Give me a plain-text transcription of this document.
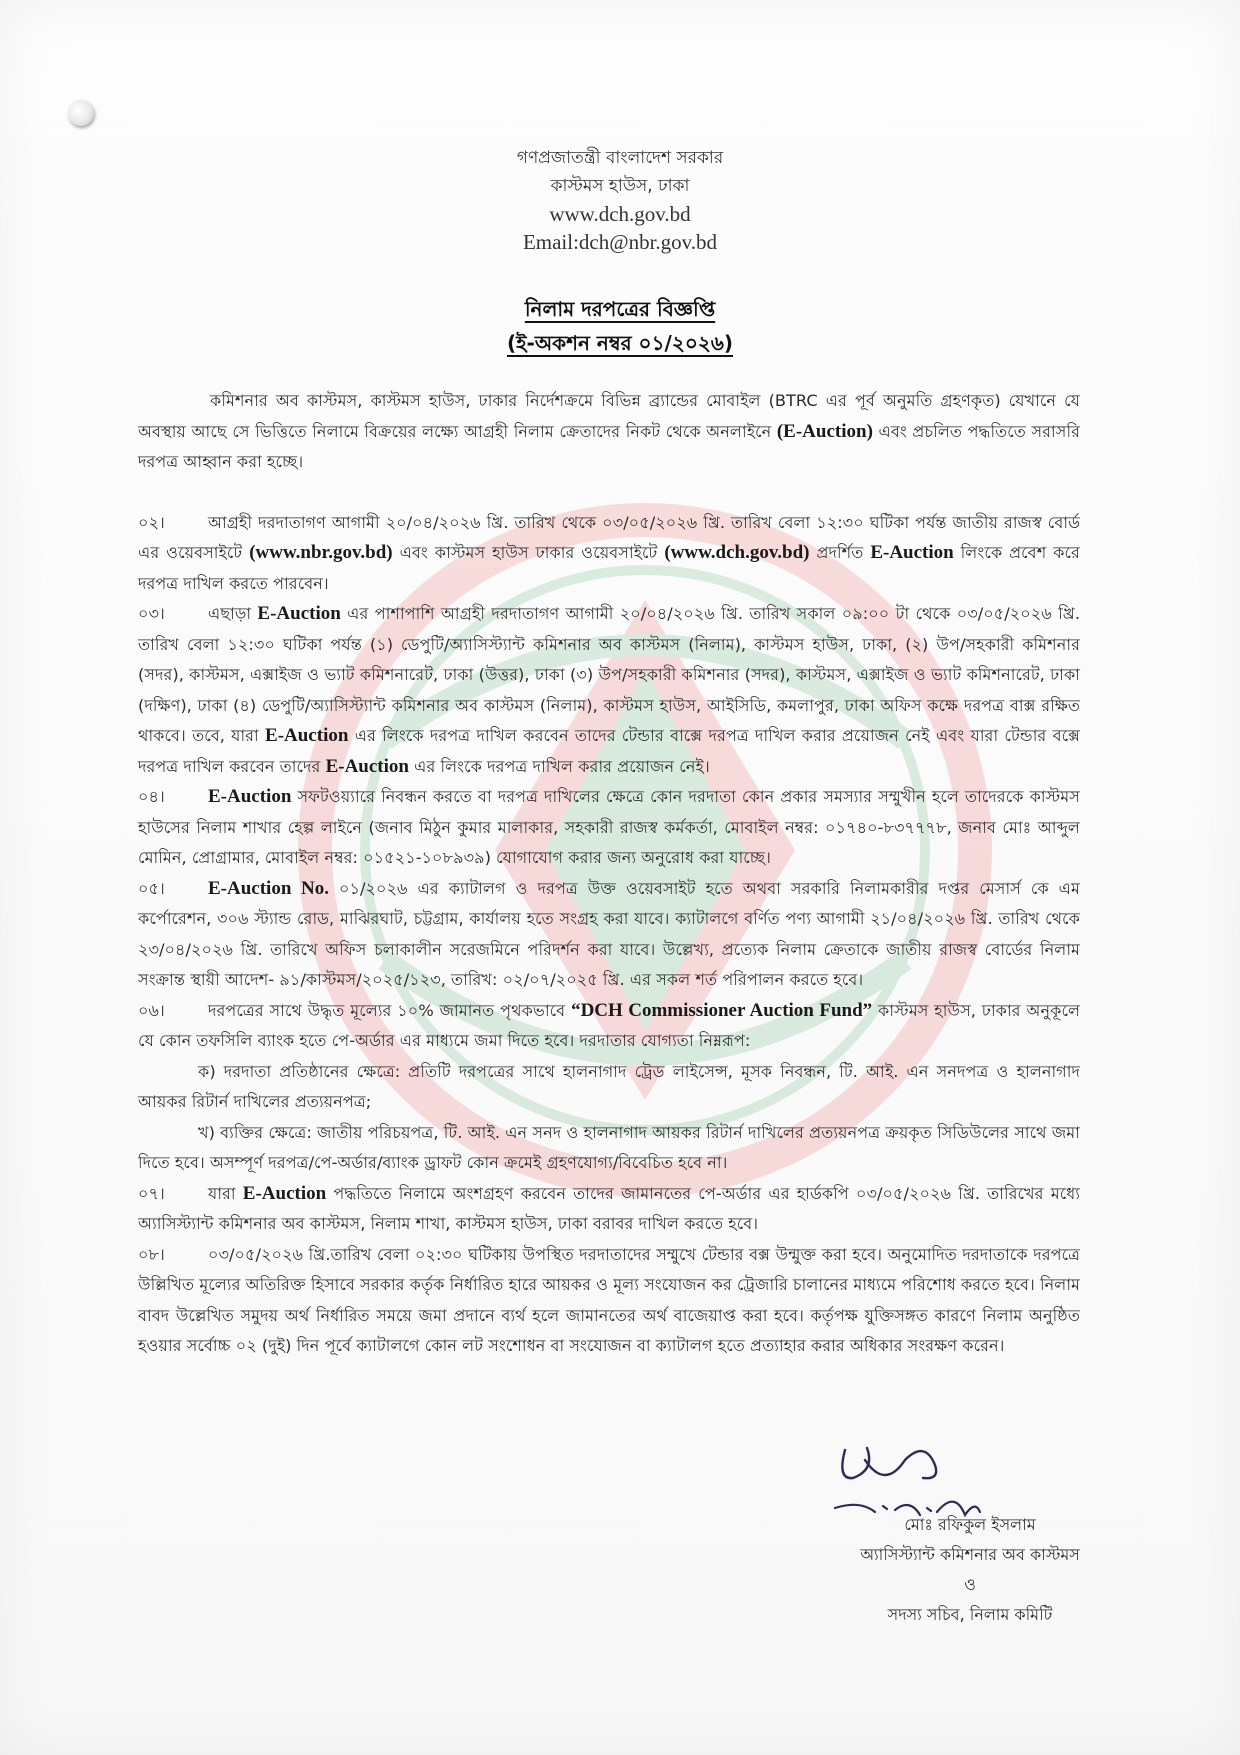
গণপ্রজাতন্ত্রী বাংলাদেশ সরকার
কাস্টমস হাউস, ঢাকা
www.dch.gov.bd
Email:dch@nbr.gov.bd
নিলাম দরপত্রের বিজ্ঞপ্তি
(ই-অকশন নম্বর ০১/২০২৬)

কমিশনার অব কাস্টমস, কাস্টমস হাউস, ঢাকার নির্দেশক্রমে বিভিন্ন ব্র্যান্ডের মোবাইল (BTRC এর পূর্ব অনুমতি গ্রহণকৃত) যেখানে যে অবস্থায় আছে সে ভিত্তিতে নিলামে বিক্রয়ের লক্ষ্যে আগ্রহী নিলাম ক্রেতাদের নিকট থেকে অনলাইনে (E-Auction) এবং প্রচলিত পদ্ধতিতে সরাসরি দরপত্র আহ্বান করা হচ্ছে।

০২।	আগ্রহী দরদাতাগণ আগামী ২০/০৪/২০২৬ খ্রি. তারিখ থেকে ০৩/০৫/২০২৬ খ্রি. তারিখ বেলা ১২:৩০ ঘটিকা পর্যন্ত জাতীয় রাজস্ব বোর্ড এর ওয়েবসাইটে (www.nbr.gov.bd) এবং কাস্টমস হাউস ঢাকার ওয়েবসাইটে (www.dch.gov.bd) প্রদর্শিত E-Auction লিংকে প্রবেশ করে দরপত্র দাখিল করতে পারবেন।

০৩।	এছাড়া E-Auction এর পাশাপাশি আগ্রহী দরদাতাগণ আগামী ২০/০৪/২০২৬ খ্রি. তারিখ সকাল ০৯:০০ টা থেকে ০৩/০৫/২০২৬ খ্রি. তারিখ বেলা ১২:৩০ ঘটিকা পর্যন্ত (১) ডেপুটি/অ্যাসিস্ট্যান্ট কমিশনার অব কাস্টমস (নিলাম), কাস্টমস হাউস, ঢাকা, (২) উপ/সহকারী কমিশনার (সদর), কাস্টমস, এক্সাইজ ও ভ্যাট কমিশনারেট, ঢাকা (উত্তর), ঢাকা (৩) উপ/সহকারী কমিশনার (সদর), কাস্টমস, এক্সাইজ ও ভ্যাট কমিশনারেট, ঢাকা (দক্ষিণ), ঢাকা (৪) ডেপুটি/অ্যাসিস্ট্যান্ট কমিশনার অব কাস্টমস (নিলাম), কাস্টমস হাউস, আইসিডি, কমলাপুর, ঢাকা অফিস কক্ষে দরপত্র বাক্স রক্ষিত থাকবে। তবে, যারা E-Auction এর লিংকে দরপত্র দাখিল করবেন তাদের টেন্ডার বাক্সে দরপত্র দাখিল করার প্রয়োজন নেই এবং যারা টেন্ডার বক্সে দরপত্র দাখিল করবেন তাদের E-Auction এর লিংকে দরপত্র দাখিল করার প্রয়োজন নেই।

০৪। E-Auction সফটওয়্যারে নিবন্ধন করতে বা দরপত্র দাখিলের ক্ষেত্রে কোন দরদাতা কোন প্রকার সমস্যার সম্মুখীন হলে তাদেরকে কাস্টমস হাউসের নিলাম শাখার হেল্প লাইনে (জনাব মিঠুন কুমার মালাকার, সহকারী রাজস্ব কর্মকর্তা, মোবাইল নম্বর: ০১৭৪০-৮৩৭৭৭৮, জনাব মোঃ আব্দুল মোমিন, প্রোগ্রামার, মোবাইল নম্বর: ০১৫২১-১০৮৯৩৯) যোগাযোগ করার জন্য অনুরোধ করা যাচ্ছে।

০৫। E-Auction No. ০১/২০২৬ এর ক্যাটালগ ও দরপত্র উক্ত ওয়েবসাইট হতে অথবা সরকারি নিলামকারীর দপ্তর মেসার্স কে এম কর্পোরেশন, ৩০৬ স্ট্যান্ড রোড, মাঝিরঘাট, চট্টগ্রাম, কার্যালয় হতে সংগ্রহ করা যাবে। ক্যাটালগে বর্ণিত পণ্য আগামী ২১/০৪/২০২৬ খ্রি. তারিখ থেকে ২৩/০৪/২০২৬ খ্রি. তারিখে অফিস চলাকালীন সরেজমিনে পরিদর্শন করা যাবে। উল্লেখ্য, প্রত্যেক নিলাম ক্রেতাকে জাতীয় রাজস্ব বোর্ডের নিলাম সংক্রান্ত স্থায়ী আদেশ- ৯১/কাস্টমস/২০২৫/১২৩, তারিখ: ০২/০৭/২০২৫ খ্রি. এর সকল শর্ত পরিপালন করতে হবে।

০৬।	দরপত্রের সাথে উদ্ধৃত মূল্যের ১০% জামানত পৃথকভাবে “DCH Commissioner Auction Fund” কাস্টমস হাউস, ঢাকার অনুকূলে যে কোন তফসিলি ব্যাংক হতে পে-অর্ডার এর মাধ্যমে জমা দিতে হবে। দরদাতার যোগ্যতা নিম্নরূপ:

ক) দরদাতা প্রতিষ্ঠানের ক্ষেত্রে: প্রতিটি দরপত্রের সাথে হালনাগাদ ট্রেড লাইসেন্স, মূসক নিবন্ধন, টি. আই. এন সনদপত্র ও হালনাগাদ আয়কর রিটার্ন দাখিলের প্রত্যয়নপত্র;

খ) ব্যক্তির ক্ষেত্রে: জাতীয় পরিচয়পত্র, টি. আই. এন সনদ ও হালনাগাদ আয়কর রিটার্ন দাখিলের প্রত্যয়নপত্র ক্রয়কৃত সিডিউলের সাথে জমা দিতে হবে। অসম্পূর্ণ দরপত্র/পে-অর্ডার/ব্যাংক ড্রাফট কোন ক্রমেই গ্রহণযোগ্য/বিবেচিত হবে না।

০৭।	যারা E-Auction পদ্ধতিতে নিলামে অংশগ্রহণ করবেন তাদের জামানতের পে-অর্ডার এর হার্ডকপি ০৩/০৫/২০২৬ খ্রি. তারিখের মধ্যে অ্যাসিস্ট্যান্ট কমিশনার অব কাস্টমস, নিলাম শাখা, কাস্টমস হাউস, ঢাকা বরাবর দাখিল করতে হবে।

০৮।	০৩/০৫/২০২৬ খ্রি.তারিখ বেলা ০২:৩০ ঘটিকায় উপস্থিত দরদাতাদের সম্মুখে টেন্ডার বক্স উন্মুক্ত করা হবে। অনুমোদিত দরদাতাকে দরপত্রে উল্লিখিত মূল্যের অতিরিক্ত হিসাবে সরকার কর্তৃক নির্ধারিত হারে আয়কর ও মূল্য সংযোজন কর ট্রেজারি চালানের মাধ্যমে পরিশোধ করতে হবে। নিলাম বাবদ উল্লেখিত সমুদয় অর্থ নির্ধারিত সময়ে জমা প্রদানে ব্যর্থ হলে জামানতের অর্থ বাজেয়াপ্ত করা হবে। কর্তৃপক্ষ যুক্তিসঙ্গত কারণে নিলাম অনুষ্ঠিত হওয়ার সর্বোচ্চ ০২ (দুই) দিন পূর্বে ক্যাটালগে কোন লট সংশোধন বা সংযোজন বা ক্যাটালগ হতে প্রত্যাহার করার অধিকার সংরক্ষণ করেন।

মোঃ রফিকুল ইসলাম
অ্যাসিস্ট্যান্ট কমিশনার অব কাস্টমস
ও
সদস্য সচিব, নিলাম কমিটি
